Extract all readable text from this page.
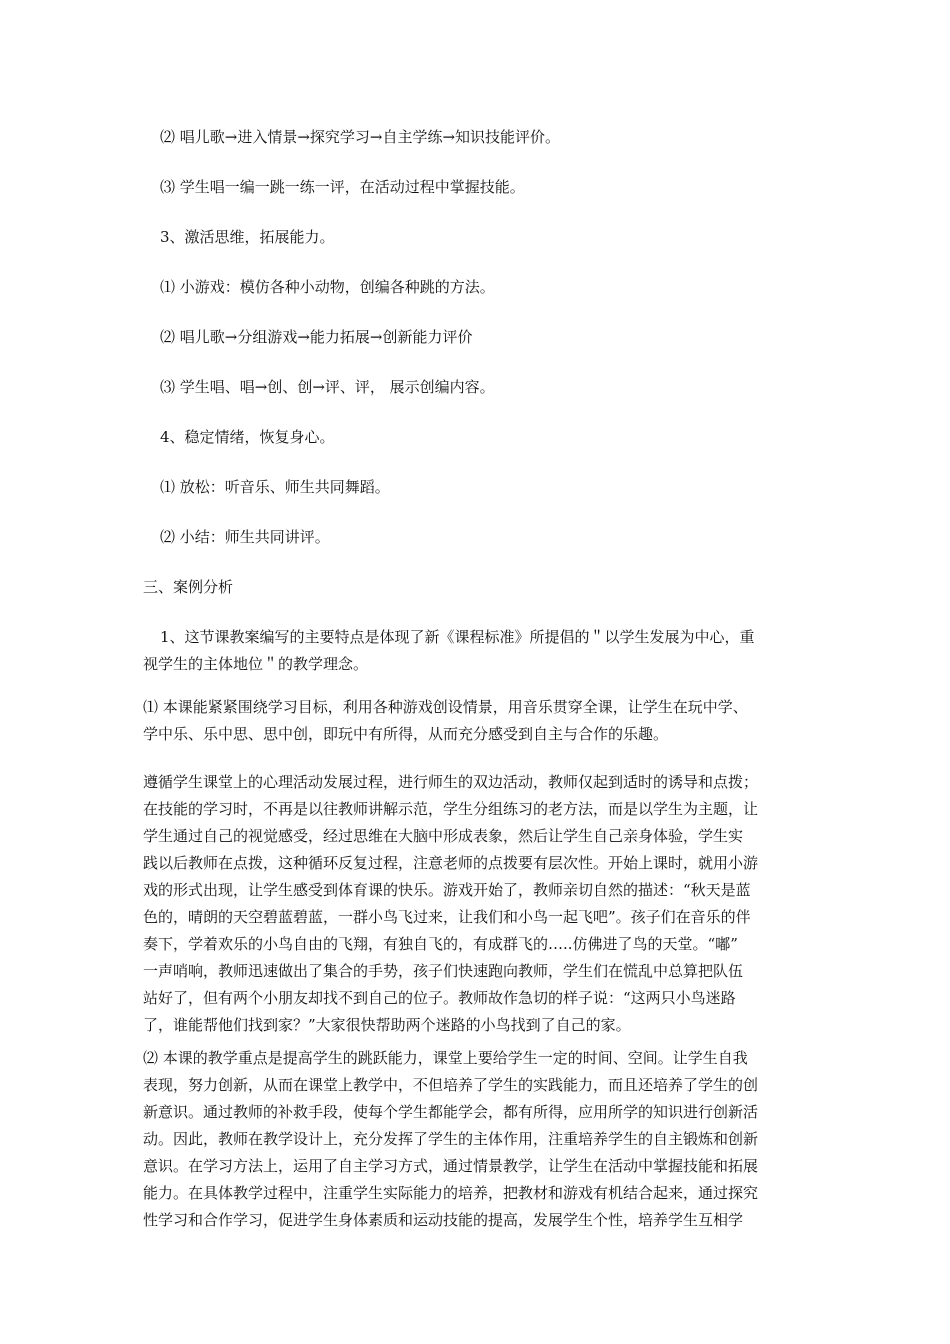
⑵ 唱儿歌→进入情景→探究学习→自主学练→知识技能评价。
⑶ 学生唱一编一跳一练一评，在活动过程中掌握技能。
3、激活思维，拓展能力。
⑴ 小游戏：模仿各种小动物，创编各种跳的方法。
⑵ 唱儿歌→分组游戏→能力拓展→创新能力评价
⑶ 学生唱、唱→创、创→评、评， 展示创编内容。
4、稳定情绪，恢复身心。
⑴ 放松：听音乐、师生共同舞蹈。
⑵ 小结：师生共同讲评。
三、案例分析
1、这节课教案编写的主要特点是体现了新《课程标准》所提倡的＂以学生发展为中心，重
视学生的主体地位＂的教学理念。
⑴ 本课能紧紧围绕学习目标，利用各种游戏创设情景，用音乐贯穿全课，让学生在玩中学、
学中乐、乐中思、思中创，即玩中有所得，从而充分感受到自主与合作的乐趣。
遵循学生课堂上的心理活动发展过程，进行师生的双边活动，教师仅起到适时的诱导和点拨；
在技能的学习时，不再是以往教师讲解示范，学生分组练习的老方法，而是以学生为主题，让
学生通过自己的视觉感受，经过思维在大脑中形成表象，然后让学生自己亲身体验，学生实
践以后教师在点拨，这种循环反复过程，注意老师的点拨要有层次性。开始上课时，就用小游
戏的形式出现，让学生感受到体育课的快乐。游戏开始了，教师亲切自然的描述：“秋天是蓝
色的，晴朗的天空碧蓝碧蓝，一群小鸟飞过来，让我们和小鸟一起飞吧”。孩子们在音乐的伴
奏下，学着欢乐的小鸟自由的飞翔，有独自飞的，有成群飞的…..仿佛进了鸟的天堂。“嘟”
一声哨响，教师迅速做出了集合的手势，孩子们快速跑向教师，学生们在慌乱中总算把队伍
站好了，但有两个小朋友却找不到自己的位子。教师故作急切的样子说：“这两只小鸟迷路
了，谁能帮他们找到家？”大家很快帮助两个迷路的小鸟找到了自己的家。
⑵ 本课的教学重点是提高学生的跳跃能力，课堂上要给学生一定的时间、空间。让学生自我
表现，努力创新，从而在课堂上教学中，不但培养了学生的实践能力，而且还培养了学生的创
新意识。通过教师的补救手段，使每个学生都能学会，都有所得，应用所学的知识进行创新活
动。因此，教师在教学设计上，充分发挥了学生的主体作用，注重培养学生的自主锻炼和创新
意识。在学习方法上，运用了自主学习方式，通过情景教学，让学生在活动中掌握技能和拓展
能力。在具体教学过程中，注重学生实际能力的培养，把教材和游戏有机结合起来，通过探究
性学习和合作学习，促进学生身体素质和运动技能的提高，发展学生个性，培养学生互相学
